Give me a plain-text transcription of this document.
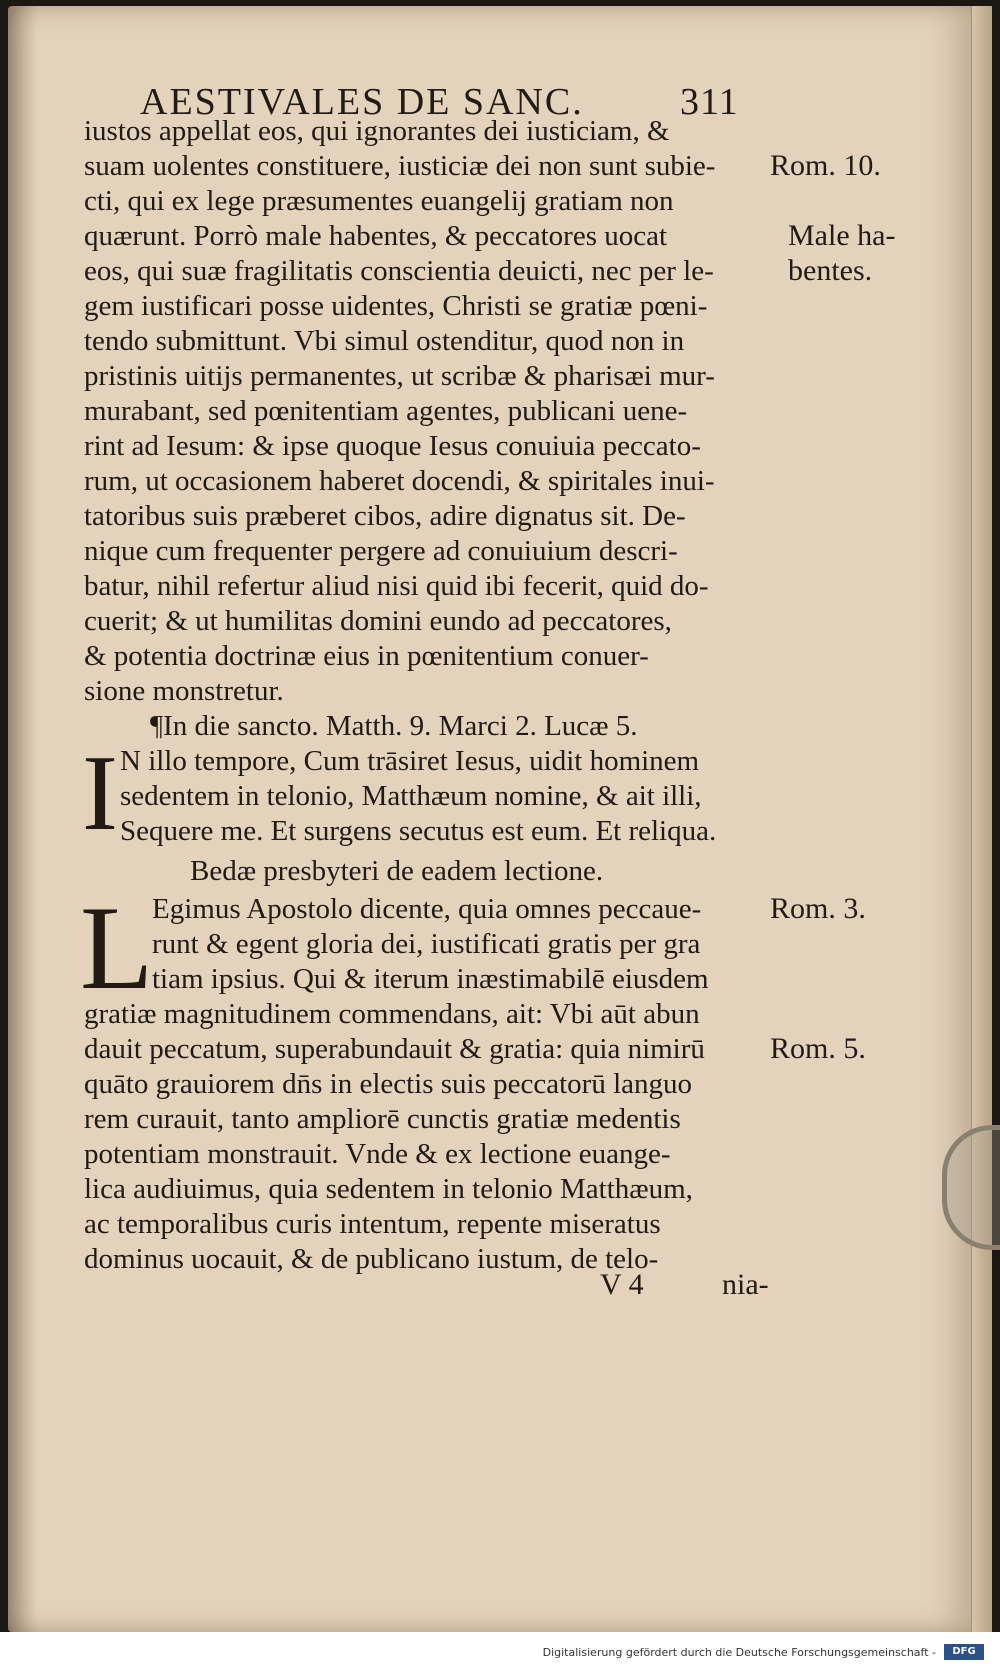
AESTIVALES DE SANC.	311
iustos appellat eos, qui ignorantes dei iusticiam, &
suam uolentes constituere, iusticiæ dei non sunt subie-
cti, qui ex lege præsumentes euangelij gratiam non
quærunt. Porrò male habentes, & peccatores uocat
eos, qui suæ fragilitatis conscientia deuicti, nec per le-
gem iustificari posse uidentes, Christi se gratiæ pœni-
tendo submittunt. Vbi simul ostenditur, quod non in
pristinis uitijs permanentes, ut scribæ & pharisæi mur-
murabant, sed pœnitentiam agentes, publicani uene-
rint ad Iesum: & ipse quoque Iesus conuiuia peccato-
rum, ut occasionem haberet docendi, & spiritales inui-
tatoribus suis præberet cibos, adire dignatus sit. De-
nique cum frequenter pergere ad conuiuium descri-
batur, nihil refertur aliud nisi quid ibi fecerit, quid do-
cuerit; & ut humilitas domini eundo ad peccatores,
& potentia doctrinæ eius in pœnitentium conuer-
sione monstretur.
¶In die sancto. Matth. 9. Marci 2. Lucæ 5.
I N illo tempore, Cum trāsiret Iesus, uidit hominem
sedentem in telonio, Matthæum nomine, & ait illi,
Sequere me. Et surgens secutus est eum. Et reliqua.
Bedæ presbyteri de eadem lectione.
L
Egimus Apostolo dicente, quia omnes peccaue-
runt & egent gloria dei, iustificati gratis per gra
tiam ipsius. Qui & iterum inæstimabilē eiusdem
gratiæ magnitudinem commendans, ait: Vbi aūt abun
dauit peccatum, superabundauit & gratia: quia nimirū
quāto grauiorem dn̄s in electis suis peccatorū languo
rem curauit, tanto ampliorē cunctis gratiæ medentis
potentiam monstrauit. Vnde & ex lectione euange-
lica audiuimus, quia sedentem in telonio Matthæum,
ac temporalibus curis intentum, repente miseratus
dominus uocauit, & de publicano iustum, de telo-
Rom. 10.
Male ha-
bentes.
Rom. 3.
Rom. 5.
V 4	nia-
Digitalisierung gefördert durch die Deutsche Forschungsgemeinschaft -	DFG
